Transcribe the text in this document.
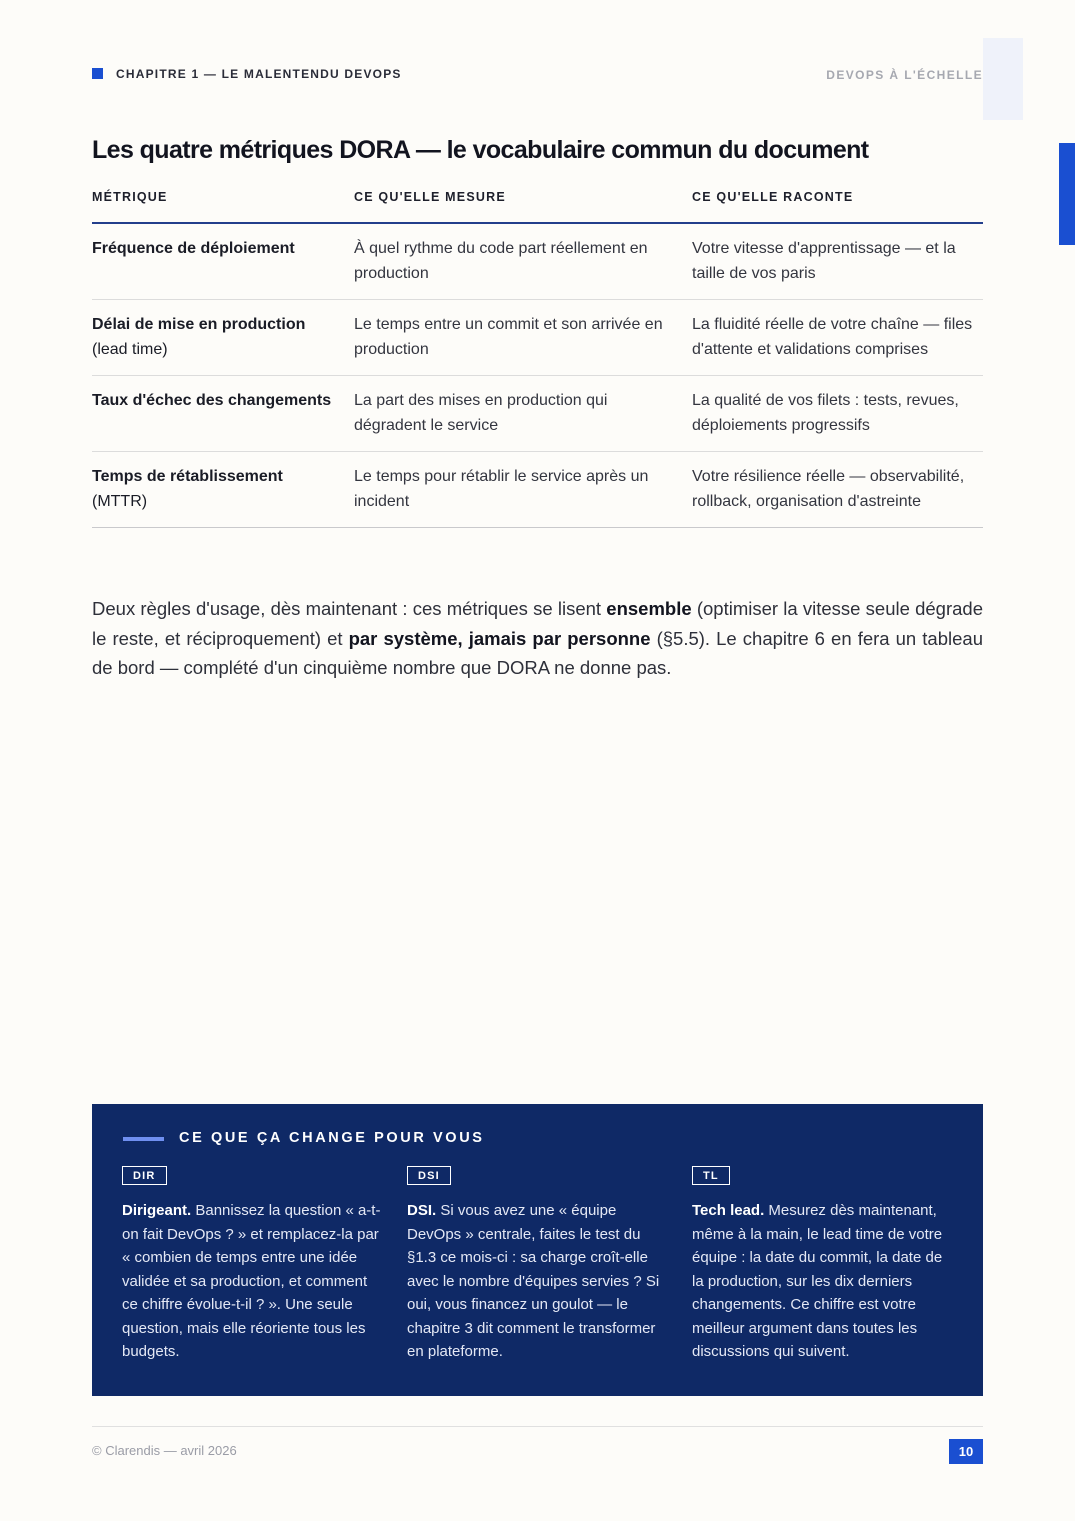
CHAPITRE 1 — LE MALENTENDU DEVOPS	DEVOPS À L'ÉCHELLE
Les quatre métriques DORA — le vocabulaire commun du document
MÉTRIQUE	CE QU'ELLE MESURE	CE QU'ELLE RACONTE
Fréquence de déploiement	À quel rythme du code part réellement en production	Votre vitesse d'apprentissage — et la taille de vos paris
Délai de mise en production
(lead time)	Le temps entre un commit et son arrivée en production	La fluidité réelle de votre chaîne — files d'attente et validations comprises
Taux d'échec des changements	La part des mises en production qui dégradent le service	La qualité de vos filets : tests, revues, déploiements progressifs
Temps de rétablissement
(MTTR)	Le temps pour rétablir le service après un incident	Votre résilience réelle — observabilité, rollback, organisation d'astreinte

Deux règles d'usage, dès maintenant : ces métriques se lisent ensemble (optimiser la vitesse seule dégrade le reste, et réciproquement) et par système, jamais par personne (§5.5). Le chapitre 6 en fera un tableau de bord — complété d'un cinquième nombre que DORA ne donne pas.

CE QUE ÇA CHANGE POUR VOUS
DIR
Dirigeant. Bannissez la question « a-t-on fait DevOps ? » et remplacez-la par « combien de temps entre une idée validée et sa production, et comment ce chiffre évolue-t-il ? ». Une seule question, mais elle réoriente tous les budgets.
DSI
DSI. Si vous avez une « équipe DevOps » centrale, faites le test du §1.3 ce mois-ci : sa charge croît-elle avec le nombre d'équipes servies ? Si oui, vous financez un goulot — le chapitre 3 dit comment le transformer en plateforme.
TL
Tech lead. Mesurez dès maintenant, même à la main, le lead time de votre équipe : la date du commit, la date de la production, sur les dix derniers changements. Ce chiffre est votre meilleur argument dans toutes les discussions qui suivent.
© Clarendis — avril 2026	10
